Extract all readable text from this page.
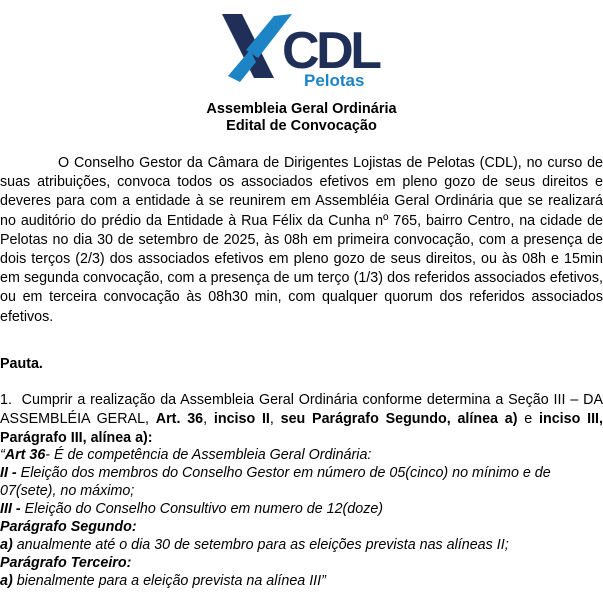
CDL
Pelotas
Assembleia Geral Ordinária
Edital de Convocação
O Conselho Gestor da Câmara de Dirigentes Lojistas de Pelotas (CDL), no curso de suas atribuições, convoca todos os associados efetivos em pleno gozo de seus direitos e deveres para com a entidade à se reunirem em Assembléia Geral Ordinária que se realizará no auditório do prédio da Entidade à Rua Félix da Cunha nº 765, bairro Centro, na cidade de Pelotas no dia 30 de setembro de 2025, às 08h em primeira convocação, com a presença de dois terços (2/3) dos associados efetivos em pleno gozo de seus direitos, ou às 08h e 15min em segunda convocação, com a presença de um terço (1/3) dos referidos associados efetivos, ou em terceira convocação às 08h30 min, com qualquer quorum dos referidos associados efetivos.
Pauta.
1. Cumprir a realização da Assembleia Geral Ordinária conforme determina a Seção III – DA ASSEMBLÉIA GERAL, Art. 36, inciso II, seu Parágrafo Segundo, alínea a) e inciso III, Parágrafo III, alínea a):
“Art 36- É de competência de Assembleia Geral Ordinária:
II - Eleição dos membros do Conselho Gestor em número de 05(cinco) no mínimo e de 07(sete), no máximo;
III - Eleição do Conselho Consultivo em numero de 12(doze)
Parágrafo Segundo:
a) anualmente até o dia 30 de setembro para as eleições prevista nas alíneas II;
Parágrafo Terceiro:
a) bienalmente para a eleição prevista na alínea III”
